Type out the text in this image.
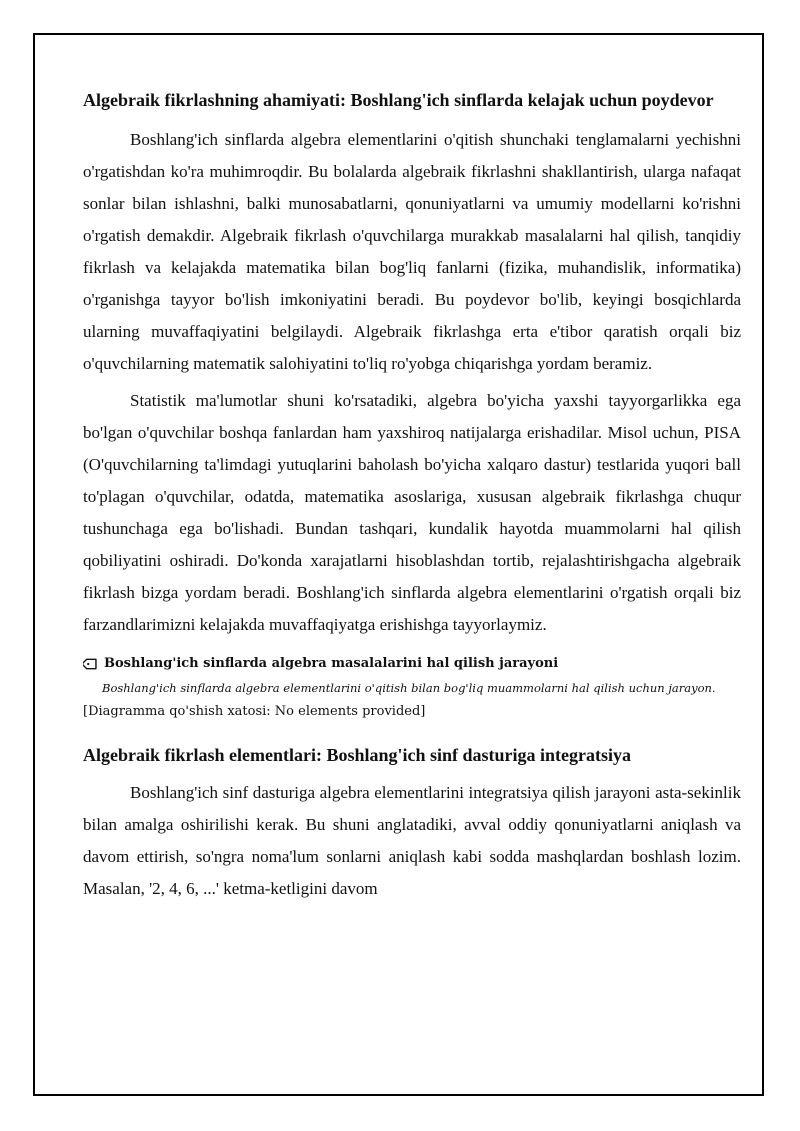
Algebraik fikrlashning ahamiyati: Boshlang'ich sinflarda kelajak uchun poydevor

Boshlang'ich sinflarda algebra elementlarini o'qitish shunchaki tenglamalarni yechishni o'rgatishdan ko'ra muhimroqdir. Bu bolalarda algebraik fikrlashni shakllantirish, ularga nafaqat sonlar bilan ishlashni, balki munosabatlarni, qonuniyatlarni va umumiy modellarni ko'rishni o'rgatish demakdir. Algebraik fikrlash o'quvchilarga murakkab masalalarni hal qilish, tanqidiy fikrlash va kelajakda matematika bilan bog'liq fanlarni (fizika, muhandislik, informatika) o'rganishga tayyor bo'lish imkoniyatini beradi. Bu poydevor bo'lib, keyingi bosqichlarda ularning muvaffaqiyatini belgilaydi. Algebraik fikrlashga erta e'tibor qaratish orqali biz o'quvchilarning matematik salohiyatini to'liq ro'yobga chiqarishga yordam beramiz.

Statistik ma'lumotlar shuni ko'rsatadiki, algebra bo'yicha yaxshi tayyorgarlikka ega bo'lgan o'quvchilar boshqa fanlardan ham yaxshiroq natijalarga erishadilar. Misol uchun, PISA (O'quvchilarning ta'limdagi yutuqlarini baholash bo'yicha xalqaro dastur) testlarida yuqori ball to'plagan o'quvchilar, odatda, matematika asoslariga, xususan algebraik fikrlashga chuqur tushunchaga ega bo'lishadi. Bundan tashqari, kundalik hayotda muammolarni hal qilish qobiliyatini oshiradi. Do'konda xarajatlarni hisoblashdan tortib, rejalashtirishgacha algebraik fikrlash bizga yordam beradi. Boshlang'ich sinflarda algebra elementlarini o'rgatish orqali biz farzandlarimizni kelajakda muvaffaqiyatga erishishga tayyorlaymiz.

Boshlang'ich sinflarda algebra masalalarini hal qilish jarayoni
Boshlang'ich sinflarda algebra elementlarini o'qitish bilan bog'liq muammolarni hal qilish uchun jarayon.
[Diagramma qo'shish xatosi: No elements provided]
Algebraik fikrlash elementlari: Boshlang'ich sinf dasturiga integratsiya

Boshlang'ich sinf dasturiga algebra elementlarini integratsiya qilish jarayoni asta-sekinlik bilan amalga oshirilishi kerak. Bu shuni anglatadiki, avval oddiy qonuniyatlarni aniqlash va davom ettirish, so'ngra noma'lum sonlarni aniqlash kabi sodda mashqlardan boshlash lozim. Masalan, '2, 4, 6, ...' ketma-ketligini davom
